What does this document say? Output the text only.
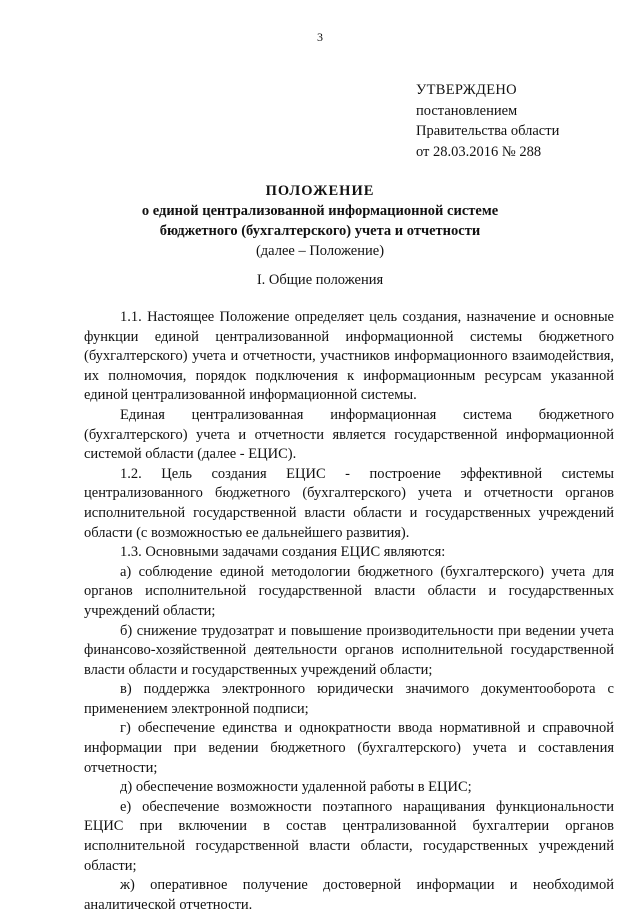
3
УТВЕРЖДЕНО
постановлением
Правительства области
от 28.03.2016 № 288
ПОЛОЖЕНИЕ
о единой централизованной информационной системе
бюджетного (бухгалтерского) учета и отчетности
(далее – Положение)
I. Общие положения

1.1. Настоящее Положение определяет цель создания, назначение и основные функции единой централизованной информационной системы бюджетного (бухгалтерского) учета и отчетности, участников информационного взаимодействия, их полномочия, порядок подключения к информационным ресурсам указанной единой централизованной информационной системы.

Единая централизованная информационная система бюджетного (бухгалтерского) учета и отчетности является государственной информационной системой области (далее - ЕЦИС).

1.2. Цель создания ЕЦИС - построение эффективной системы централизованного бюджетного (бухгалтерского) учета и отчетности органов исполнительной государственной власти области и государственных учреждений области (с возможностью ее дальнейшего развития).

1.3. Основными задачами создания ЕЦИС являются:

а) соблюдение единой методологии бюджетного (бухгалтерского) учета для органов исполнительной государственной власти области и государственных учреждений области;

б) снижение трудозатрат и повышение производительности при ведении учета финансово-хозяйственной деятельности органов исполнительной государственной власти области и государственных учреждений области;

в) поддержка электронного юридически значимого документооборота с применением электронной подписи;

г) обеспечение единства и однократности ввода нормативной и справочной информации при ведении бюджетного (бухгалтерского) учета и составления отчетности;

д) обеспечение возможности удаленной работы в ЕЦИС;

е) обеспечение возможности поэтапного наращивания функциональности ЕЦИС при включении в состав централизованной бухгалтерии органов исполнительной государственной власти области, государственных учреждений области;

ж) оперативное получение достоверной информации и необходимой аналитической отчетности.
